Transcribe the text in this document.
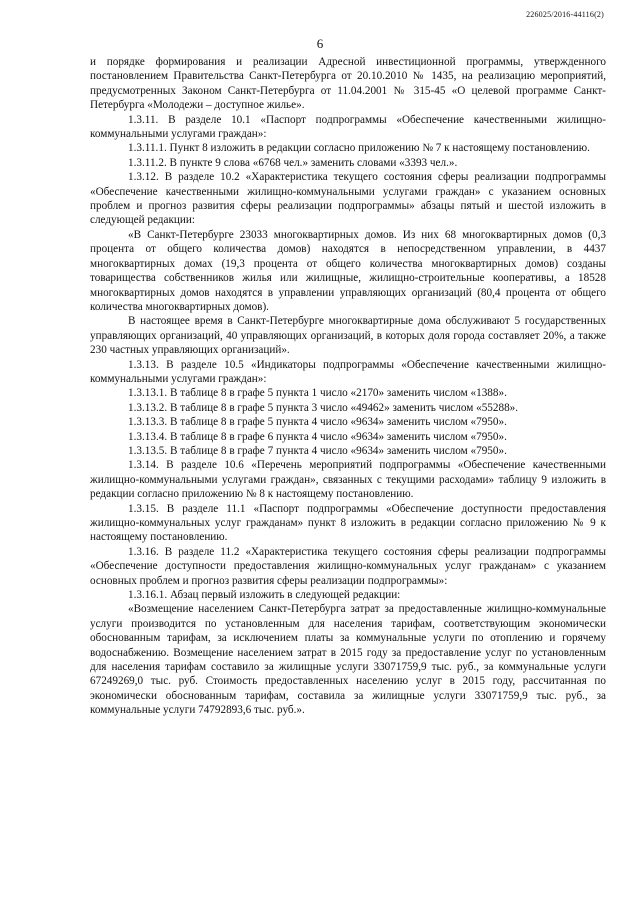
226025/2016-44116(2)
6

и порядке формирования и реализации Адресной инвестиционной программы, утвержденного постановлением Правительства Санкт-Петербурга от 20.10.2010 № 1435, на реализацию мероприятий, предусмотренных Законом Санкт-Петербурга от 11.04.2001 № 315-45 «О целевой программе Санкт-Петербурга «Молодежи – доступное жилье».

1.3.11. В разделе 10.1 «Паспорт подпрограммы «Обеспечение качественными жилищно-коммунальными услугами граждан»:

1.3.11.1. Пункт 8 изложить в редакции согласно приложению № 7 к настоящему постановлению.

1.3.11.2. В пункте 9 слова «6768 чел.» заменить словами «3393 чел.».

1.3.12. В разделе 10.2 «Характеристика текущего состояния сферы реализации подпрограммы «Обеспечение качественными жилищно-коммунальными услугами граждан» с указанием основных проблем и прогноз развития сферы реализации подпрограммы» абзацы пятый и шестой изложить в следующей редакции:

«В Санкт-Петербурге 23033 многоквартирных домов. Из них 68 многоквартирных домов (0,3 процента от общего количества домов) находятся в непосредственном управлении, в 4437 многоквартирных домах (19,3 процента от общего количества многоквартирных домов) созданы товарищества собственников жилья или жилищные, жилищно-строительные кооперативы, а 18528 многоквартирных домов находятся в управлении управляющих организаций (80,4 процента от общего количества многоквартирных домов).

В настоящее время в Санкт-Петербурге многоквартирные дома обслуживают 5 государственных управляющих организаций, 40 управляющих организаций, в которых доля города составляет 20%, а также 230 частных управляющих организаций».

1.3.13. В разделе 10.5 «Индикаторы подпрограммы «Обеспечение качественными жилищно-коммунальными услугами граждан»:

1.3.13.1. В таблице 8 в графе 5 пункта 1 число «2170» заменить числом «1388».

1.3.13.2. В таблице 8 в графе 5 пункта 3 число «49462» заменить числом «55288».

1.3.13.3. В таблице 8 в графе 5 пункта 4 число «9634» заменить числом «7950».

1.3.13.4. В таблице 8 в графе 6 пункта 4 число «9634» заменить числом «7950».

1.3.13.5. В таблице 8 в графе 7 пункта 4 число «9634» заменить числом «7950».

1.3.14. В разделе 10.6 «Перечень мероприятий подпрограммы «Обеспечение качественными жилищно-коммунальными услугами граждан», связанных с текущими расходами» таблицу 9 изложить в редакции согласно приложению № 8 к настоящему постановлению.

1.3.15. В разделе 11.1 «Паспорт подпрограммы «Обеспечение доступности предоставления жилищно-коммунальных услуг гражданам» пункт 8 изложить в редакции согласно приложению № 9 к настоящему постановлению.

1.3.16. В разделе 11.2 «Характеристика текущего состояния сферы реализации подпрограммы «Обеспечение доступности предоставления жилищно-коммунальных услуг гражданам» с указанием основных проблем и прогноз развития сферы реализации подпрограммы»:

1.3.16.1. Абзац первый изложить в следующей редакции:

«Возмещение населением Санкт-Петербурга затрат за предоставленные жилищно-коммунальные услуги производится по установленным для населения тарифам, соответствующим экономически обоснованным тарифам, за исключением платы за коммунальные услуги по отоплению и горячему водоснабжению. Возмещение населением затрат в 2015 году за предоставление услуг по установленным для населения тарифам составило за жилищные услуги 33071759,9 тыс. руб., за коммунальные услуги 67249269,0 тыс. руб. Стоимость предоставленных населению услуг в 2015 году, рассчитанная по экономически обоснованным тарифам, составила за жилищные услуги 33071759,9 тыс. руб., за коммунальные услуги 74792893,6 тыс. руб.».
